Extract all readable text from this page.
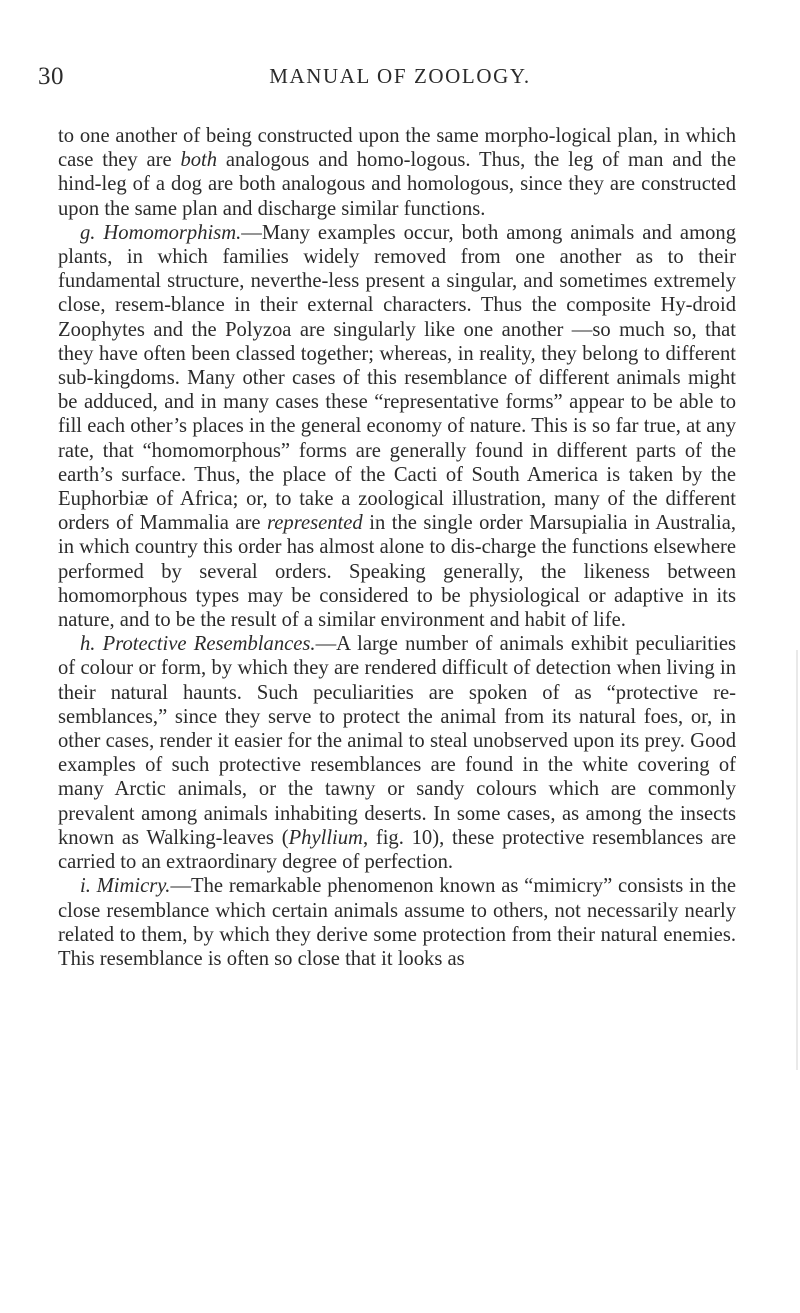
30	MANUAL OF ZOOLOGY.

to one another of being constructed upon the same morpho-logical plan, in which case they are both analogous and homo-logous. Thus, the leg of man and the hind-leg of a dog are both analogous and homologous, since they are constructed upon the same plan and discharge similar functions.

g. Homomorphism.—Many examples occur, both among animals and among plants, in which families widely removed from one another as to their fundamental structure, neverthe-less present a singular, and sometimes extremely close, resem-blance in their external characters. Thus the composite Hy-droid Zoophytes and the Polyzoa are singularly like one another —so much so, that they have often been classed together; whereas, in reality, they belong to different sub-kingdoms. Many other cases of this resemblance of different animals might be adduced, and in many cases these “representative forms” appear to be able to fill each other’s places in the general economy of nature. This is so far true, at any rate, that “homomorphous” forms are generally found in different parts of the earth’s surface. Thus, the place of the Cacti of South America is taken by the Euphorbiæ of Africa; or, to take a zoological illustration, many of the different orders of Mammalia are represented in the single order Marsupialia in Australia, in which country this order has almost alone to dis-charge the functions elsewhere performed by several orders. Speaking generally, the likeness between homomorphous types may be considered to be physiological or adaptive in its nature, and to be the result of a similar environment and habit of life.

h. Protective Resemblances.—A large number of animals exhibit peculiarities of colour or form, by which they are rendered difficult of detection when living in their natural haunts. Such peculiarities are spoken of as “protective re-semblances,” since they serve to protect the animal from its natural foes, or, in other cases, render it easier for the animal to steal unobserved upon its prey. Good examples of such protective resemblances are found in the white covering of many Arctic animals, or the tawny or sandy colours which are commonly prevalent among animals inhabiting deserts. In some cases, as among the insects known as Walking-leaves (Phyllium, fig. 10), these protective resemblances are carried to an extraordinary degree of perfection.

i. Mimicry.—The remarkable phenomenon known as “mimicry” consists in the close resemblance which certain animals assume to others, not necessarily nearly related to them, by which they derive some protection from their natural enemies. This resemblance is often so close that it looks as
